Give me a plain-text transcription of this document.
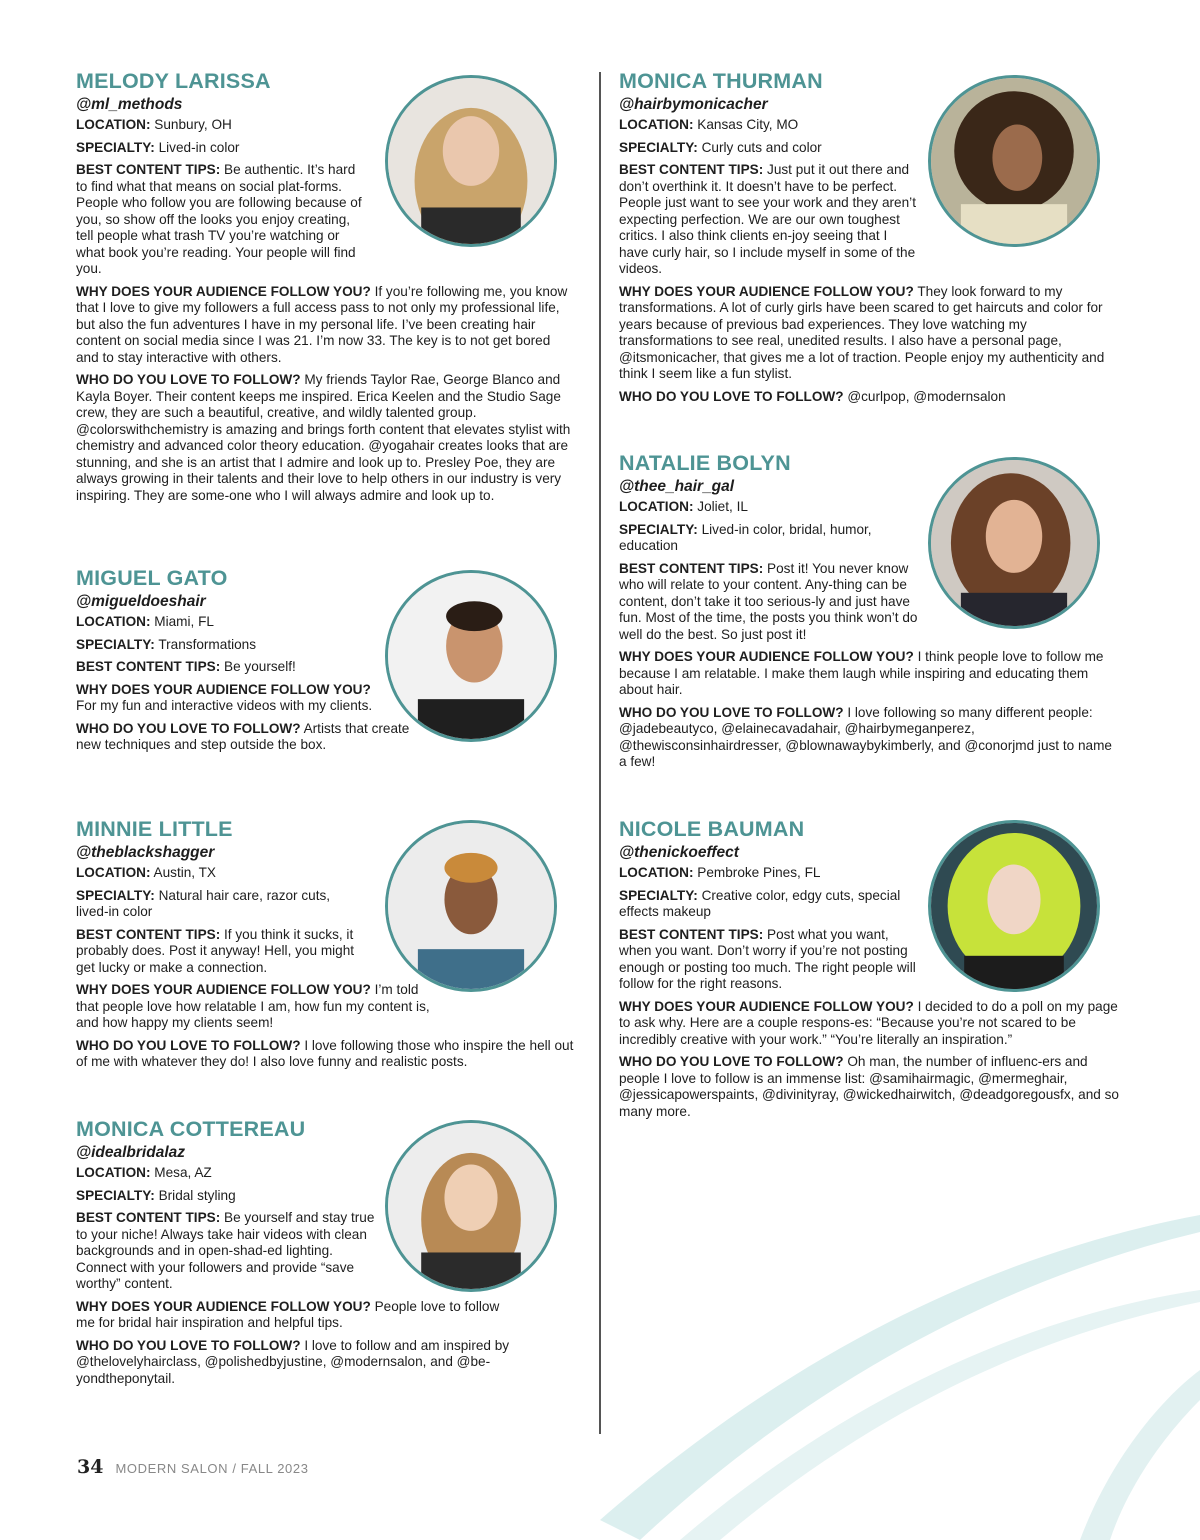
MELODY LARISSA

@ml_methods

LOCATION: Sunbury, OH

SPECIALTY: Lived-in color

BEST CONTENT TIPS: Be authentic. It’s hard to find what that means on social plat-forms. People who follow you are following because of you, so show off the looks you enjoy creating, tell people what trash TV you’re watching or what book you’re reading. Your people will find you.

WHY DOES YOUR AUDIENCE FOLLOW YOU? If you’re following me, you know that I love to give my followers a full access pass to not only my professional life, but also the fun adventures I have in my personal life. I’ve been creating hair content on social media since I was 21. I’m now 33. The key is to not get bored and to stay interactive with others.

WHO DO YOU LOVE TO FOLLOW? My friends Taylor Rae, George Blanco and Kayla Boyer. Their content keeps me inspired. Erica Keelen and the Studio Sage crew, they are such a beautiful, creative, and wildly talented group. @colorswithchemistry is amazing and brings forth content that elevates stylist with chemistry and advanced color theory education. @yogahair creates looks that are stunning, and she is an artist that I admire and look up to. Presley Poe, they are always growing in their talents and their love to help others in our industry is very inspiring. They are some-one who I will always admire and look up to.

MIGUEL GATO

@migueldoeshair

LOCATION: Miami, FL

SPECIALTY: Transformations

BEST CONTENT TIPS: Be yourself!

WHY DOES YOUR AUDIENCE FOLLOW YOU? For my fun and interactive videos with my clients.

WHO DO YOU LOVE TO FOLLOW? Artists that create new techniques and step outside the box.

MINNIE LITTLE

@theblackshagger

LOCATION: Austin, TX

SPECIALTY: Natural hair care, razor cuts, lived-in color

BEST CONTENT TIPS: If you think it sucks, it probably does. Post it anyway! Hell, you might get lucky or make a connection.

WHY DOES YOUR AUDIENCE FOLLOW YOU? I’m told that people love how relatable I am, how fun my content is, and how happy my clients seem!

WHO DO YOU LOVE TO FOLLOW? I love following those who inspire the hell out of me with whatever they do! I also love funny and realistic posts.

MONICA COTTEREAU

@idealbridalaz

LOCATION: Mesa, AZ

SPECIALTY: Bridal styling

BEST CONTENT TIPS: Be yourself and stay true to your niche! Always take hair videos with clean backgrounds and in open-shad-ed lighting. Connect with your followers and provide “save worthy” content.

WHY DOES YOUR AUDIENCE FOLLOW YOU? People love to follow me for bridal hair inspiration and helpful tips.

WHO DO YOU LOVE TO FOLLOW? I love to follow and am inspired by @thelovelyhairclass, @polishedbyjustine, @modernsalon, and @be-yondtheponytail.

MONICA THURMAN

@hairbymonicacher

LOCATION: Kansas City, MO

SPECIALTY: Curly cuts and color

BEST CONTENT TIPS: Just put it out there and don’t overthink it. It doesn’t have to be perfect. People just want to see your work and they aren’t expecting perfection. We are our own toughest critics. I also think clients en-joy seeing that I have curly hair, so I include myself in some of the videos.

WHY DOES YOUR AUDIENCE FOLLOW YOU? They look forward to my transformations. A lot of curly girls have been scared to get haircuts and color for years because of previous bad experiences. They love watching my transformations to see real, unedited results. I also have a personal page, @itsmonicacher, that gives me a lot of traction. People enjoy my authenticity and think I seem like a fun stylist.

WHO DO YOU LOVE TO FOLLOW? @curlpop, @modernsalon

NATALIE BOLYN

@thee_hair_gal

LOCATION: Joliet, IL

SPECIALTY: Lived-in color, bridal, humor, education

BEST CONTENT TIPS: Post it! You never know who will relate to your content. Any-thing can be content, don’t take it too serious-ly and just have fun. Most of the time, the posts you think won’t do well do the best. So just post it!

WHY DOES YOUR AUDIENCE FOLLOW YOU? I think people love to follow me because I am relatable. I make them laugh while inspiring and educating them about hair.

WHO DO YOU LOVE TO FOLLOW? I love following so many different people: @jadebeautyco, @elainecavadahair, @hairbymeganperez, @thewisconsinhairdresser, @blownawaybykimberly, and @conorjmd just to name a few!

NICOLE BAUMAN

@thenickoeffect

LOCATION: Pembroke Pines, FL

SPECIALTY: Creative color, edgy cuts, special effects makeup

BEST CONTENT TIPS: Post what you want, when you want. Don’t worry if you’re not posting enough or posting too much. The right people will follow for the right reasons.

WHY DOES YOUR AUDIENCE FOLLOW YOU? I decided to do a poll on my page to ask why. Here are a couple respons-es: “Because you’re not scared to be incredibly creative with your work.” “You’re literally an inspiration.”

WHO DO YOU LOVE TO FOLLOW? Oh man, the number of influenc-ers and people I love to follow is an immense list: @samihairmagic, @mermeghair, @jessicapowerspaints, @divinityray, @wickedhairwitch, @deadgoregousfx, and so many more.

34 MODERN SALON / FALL 2023
